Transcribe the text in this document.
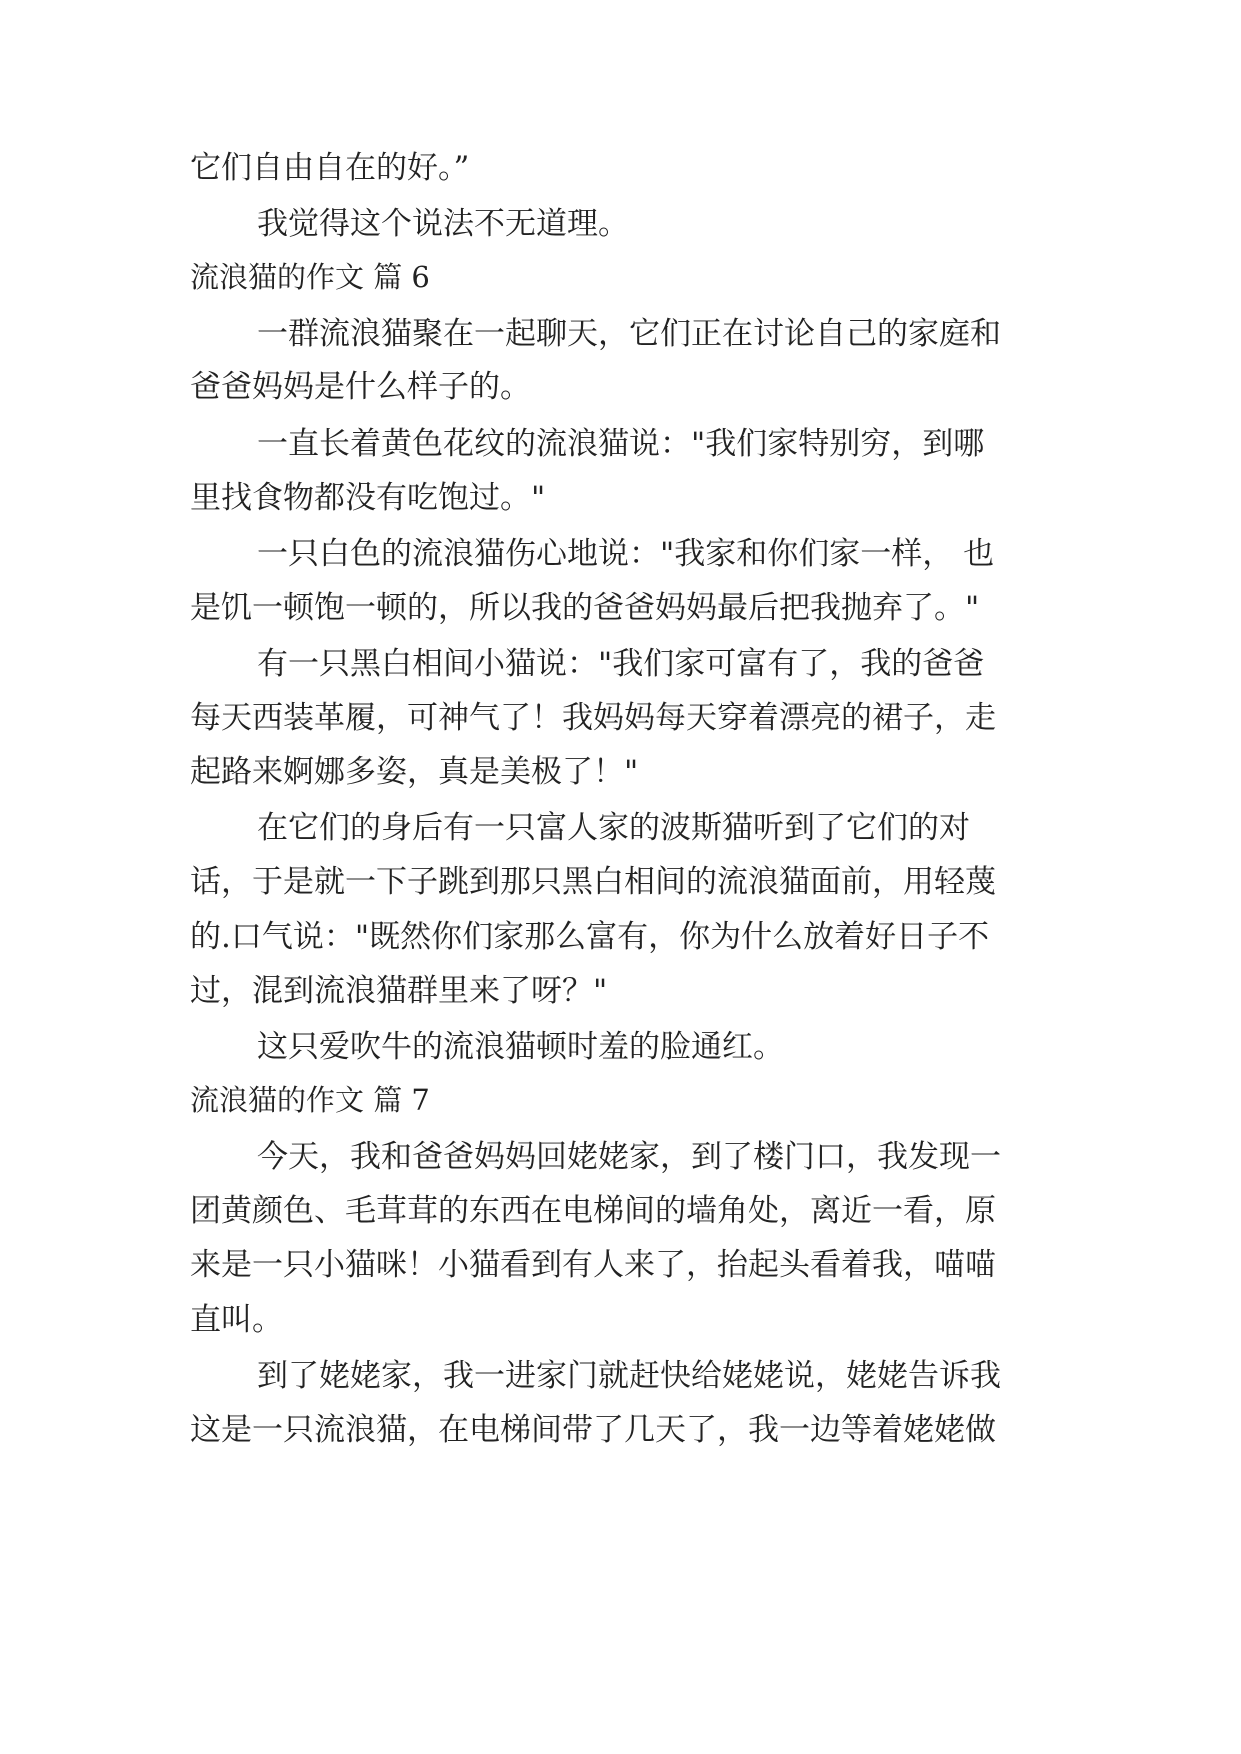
它们自由自在的好。”
我觉得这个说法不无道理。
流浪猫的作文 篇 6
一群流浪猫聚在一起聊天，它们正在讨论自己的家庭和
爸爸妈妈是什么样子的。
一直长着黄色花纹的流浪猫说："我们家特别穷，到哪
里找食物都没有吃饱过。"
一只白色的流浪猫伤心地说："我家和你们家一样， 也
是饥一顿饱一顿的，所以我的爸爸妈妈最后把我抛弃了。"
有一只黑白相间小猫说："我们家可富有了，我的爸爸
每天西装革履，可神气了！我妈妈每天穿着漂亮的裙子，走
起路来婀娜多姿，真是美极了！"
在它们的身后有一只富人家的波斯猫听到了它们的对
话，于是就一下子跳到那只黑白相间的流浪猫面前，用轻蔑
的.口气说："既然你们家那么富有，你为什么放着好日子不
过，混到流浪猫群里来了呀？"
这只爱吹牛的流浪猫顿时羞的脸通红。
流浪猫的作文 篇 7
今天，我和爸爸妈妈回姥姥家，到了楼门口，我发现一
团黄颜色、毛茸茸的东西在电梯间的墙角处，离近一看，原
来是一只小猫咪！小猫看到有人来了，抬起头看着我，喵喵
直叫。
到了姥姥家，我一进家门就赶快给姥姥说，姥姥告诉我
这是一只流浪猫，在电梯间带了几天了，我一边等着姥姥做
